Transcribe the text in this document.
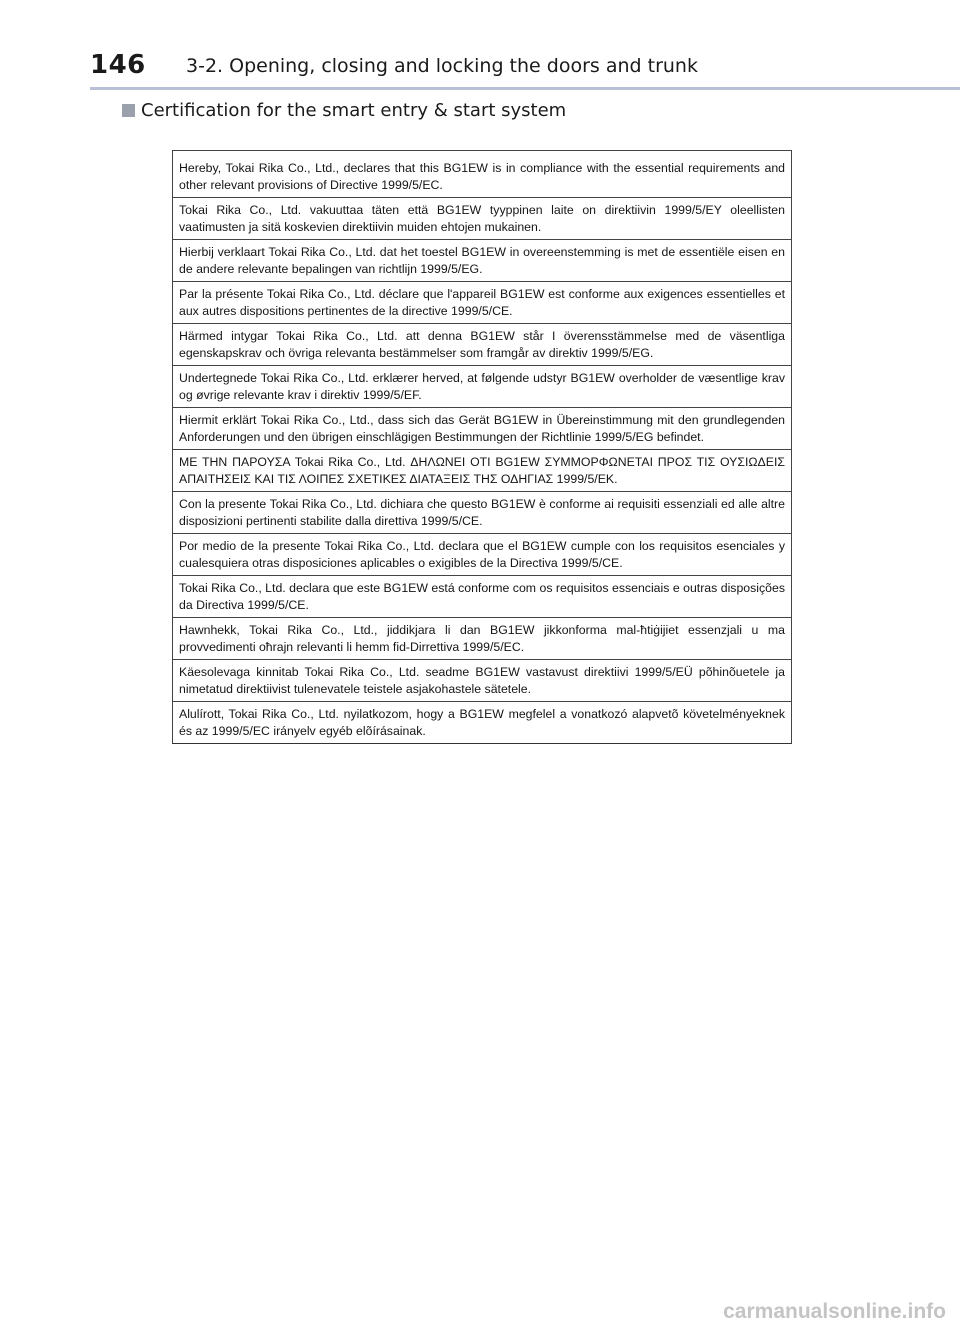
146 3-2. Opening, closing and locking the doors and trunk
Certification for the smart entry & start system
Hereby, Tokai Rika Co., Ltd., declares that this BG1EW is in compliance with the essential requirements and other relevant provisions of Directive 1999/5/EC.
Tokai Rika Co., Ltd. vakuuttaa täten että BG1EW tyyppinen laite on direktiivin 1999/5/EY oleellisten vaatimusten ja sitä koskevien direktiivin muiden ehtojen mukainen.
Hierbij verklaart Tokai Rika Co., Ltd. dat het toestel BG1EW in overeenstemming is met de essentiële eisen en de andere relevante bepalingen van richtlijn 1999/5/EG.
Par la présente Tokai Rika Co., Ltd. déclare que l'appareil BG1EW est conforme aux exigences essentielles et aux autres dispositions pertinentes de la directive 1999/5/CE.
Härmed intygar Tokai Rika Co., Ltd. att denna BG1EW står I överensstämmelse med de väsentliga egenskapskrav och övriga relevanta bestämmelser som framgår av direktiv 1999/5/EG.
Undertegnede Tokai Rika Co., Ltd. erklærer herved, at følgende udstyr BG1EW overholder de væsentlige krav og øvrige relevante krav i direktiv 1999/5/EF.
Hiermit erklärt Tokai Rika Co., Ltd., dass sich das Gerät BG1EW in Übereinstimmung mit den grundlegenden Anforderungen und den übrigen einschlägigen Bestimmungen der Richtlinie 1999/5/EG befindet.
ΜΕ ΤΗΝ ΠΑΡΟΥΣΑ Tokai Rika Co., Ltd. ΔΗΛΩΝΕΙ ΟΤΙ BG1EW ΣΥΜΜΟΡΦΩΝΕΤΑΙ ΠΡΟΣ ΤΙΣ ΟΥΣΙΩΔΕΙΣ ΑΠΑΙΤΗΣΕΙΣ ΚΑΙ ΤΙΣ ΛΟΙΠΕΣ ΣΧΕΤΙΚΕΣ ΔΙΑΤΑΞΕΙΣ ΤΗΣ ΟΔΗΓΙΑΣ 1999/5/ΕΚ.
Con la presente Tokai Rika Co., Ltd. dichiara che questo BG1EW è conforme ai requisiti essenziali ed alle altre disposizioni pertinenti stabilite dalla direttiva 1999/5/CE.
Por medio de la presente Tokai Rika Co., Ltd. declara que el BG1EW cumple con los requisitos esenciales y cualesquiera otras disposiciones aplicables o exigibles de la Directiva 1999/5/CE.
Tokai Rika Co., Ltd. declara que este BG1EW está conforme com os requisitos essenciais e outras disposições da Directiva 1999/5/CE.
Hawnhekk, Tokai Rika Co., Ltd., jiddikjara li dan BG1EW jikkonforma mal-ħtiġijiet essenzjali u ma provvedimenti oħrajn relevanti li hemm fid-Dirrettiva 1999/5/EC.
Käesolevaga kinnitab Tokai Rika Co., Ltd. seadme BG1EW vastavust direktiivi 1999/5/EÜ põhinõuetele ja nimetatud direktiivist tulenevatele teistele asjakohastele sätetele.
Alulírott, Tokai Rika Co., Ltd. nyilatkozom, hogy a BG1EW megfelel a vonatkozó alapvetõ követelményeknek és az 1999/5/EC irányelv egyéb elõírásainak.
carmanualsonline.info
